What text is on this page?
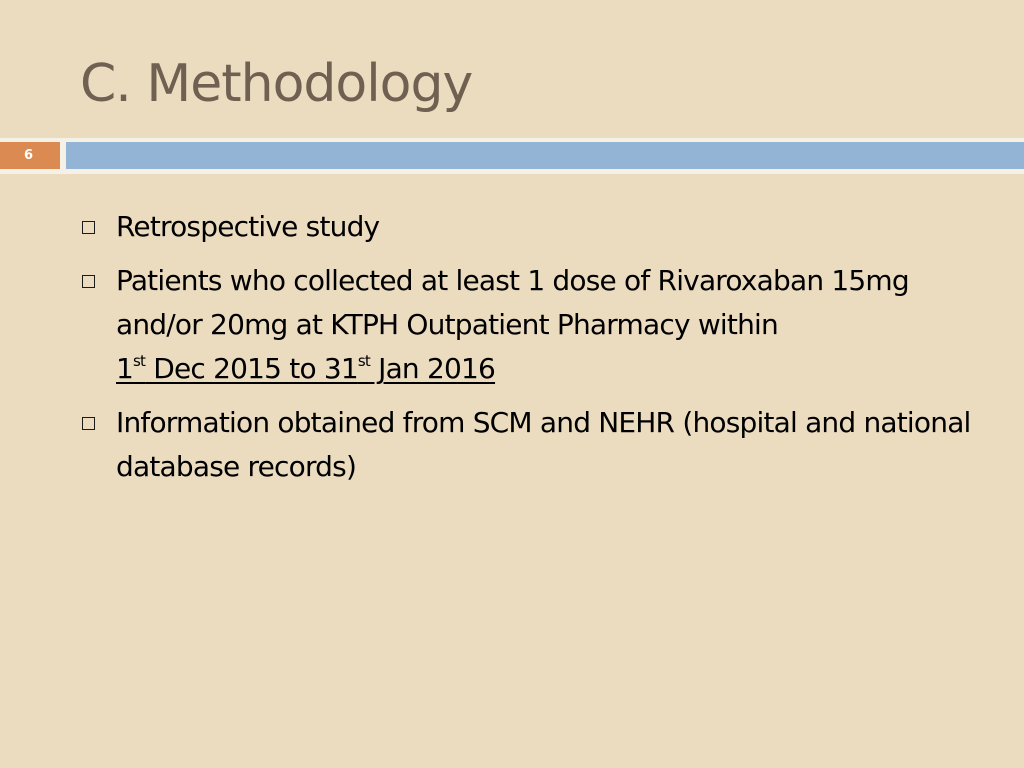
C. Methodology
6
Retrospective study
Patients who collected at least 1 dose of Rivaroxaban 15mg and/or 20mg at KTPH Outpatient Pharmacy within
1st Dec 2015 to 31st Jan 2016
Information obtained from SCM and NEHR (hospital and national database records)
